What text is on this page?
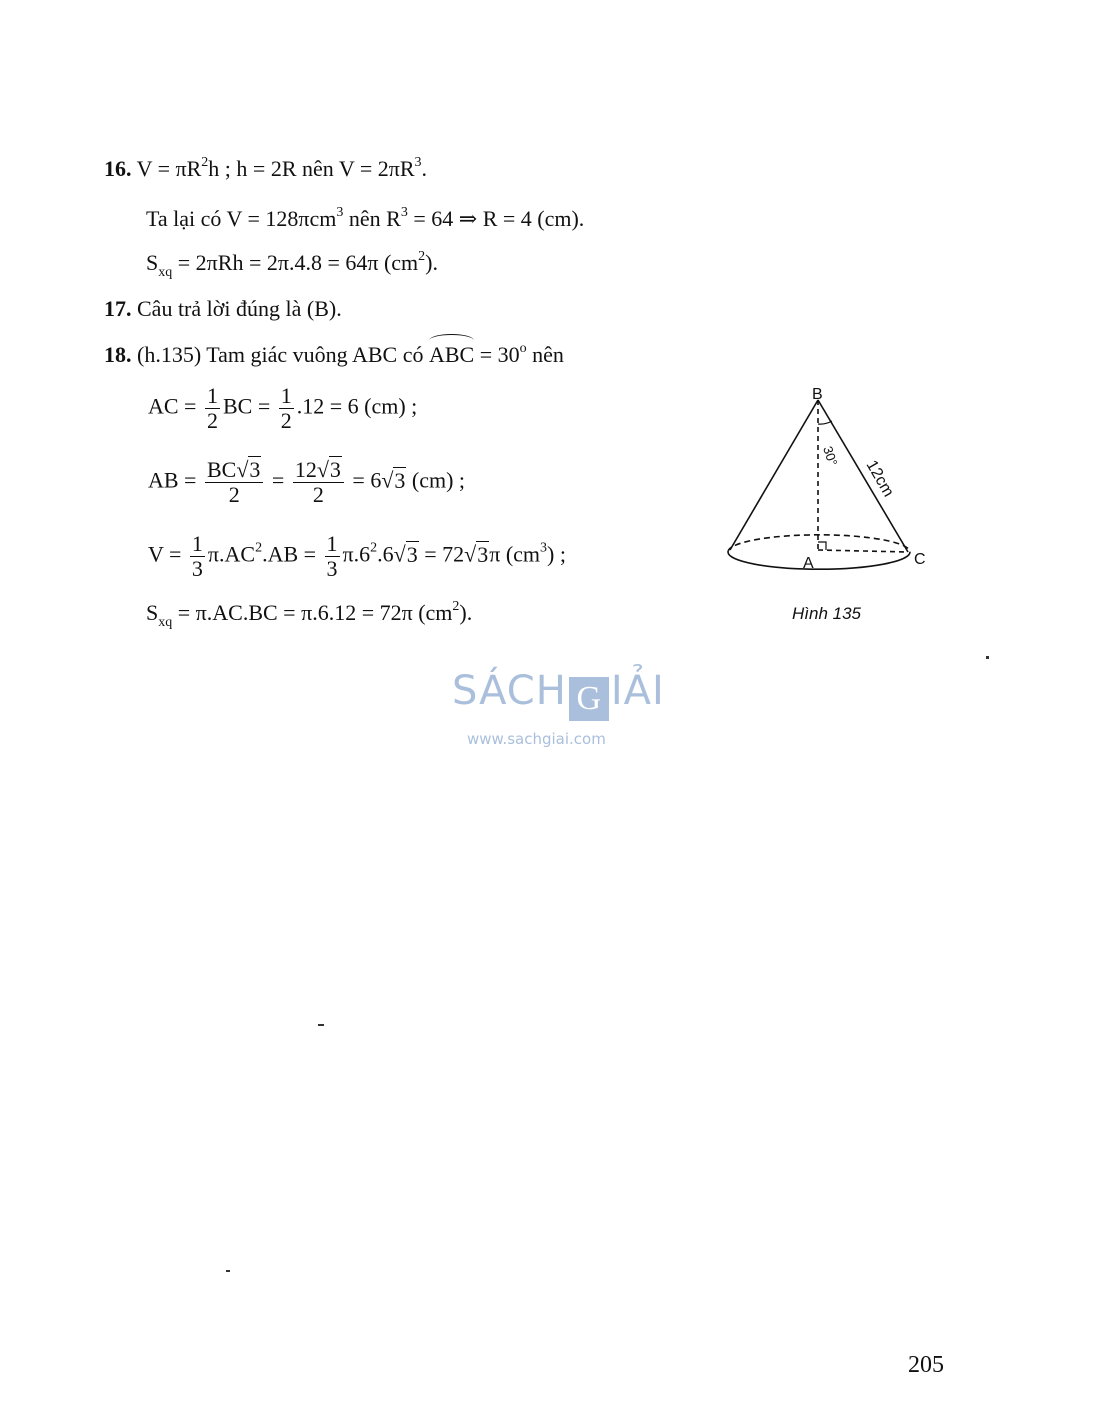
16. $V = \pi R^2h$ ; h = 2R nên $V = 2\pi R^3$.
Ta lại có V = 128πcm$^3$ nên $R^3 = 64$ ⇒ R = 4 (cm).
$S_{xq} = 2\pi Rh = 2\pi.4.8 = 64\pi$ $(cm^2)$.
17. Câu trả lời đúng là (B).
18. (h.135) Tam giác vuông ABC có ABC = $30^o$ nên
AC = $\frac{1}{2}$ BC = $\frac{1}{2} .12 = 6$ (cm) ;
AB = $\frac{BC√3}{2} = \frac{12√3}{2} = 6√3$ (cm) ;
$V = \frac{1}{3} \pi.AC^2.AB = \frac{1}{3} \pi.6^2.6√3 = 72√3\pi$ $(cm^3)$ ;
$S_{xq} = \pi.AC.BC = \pi.6.12 = 72\pi$ $(cm^2)$.
B
A	C
30°
12cm
Hình 135
SÁCH G IẢI
www.sachgiai.com
205
